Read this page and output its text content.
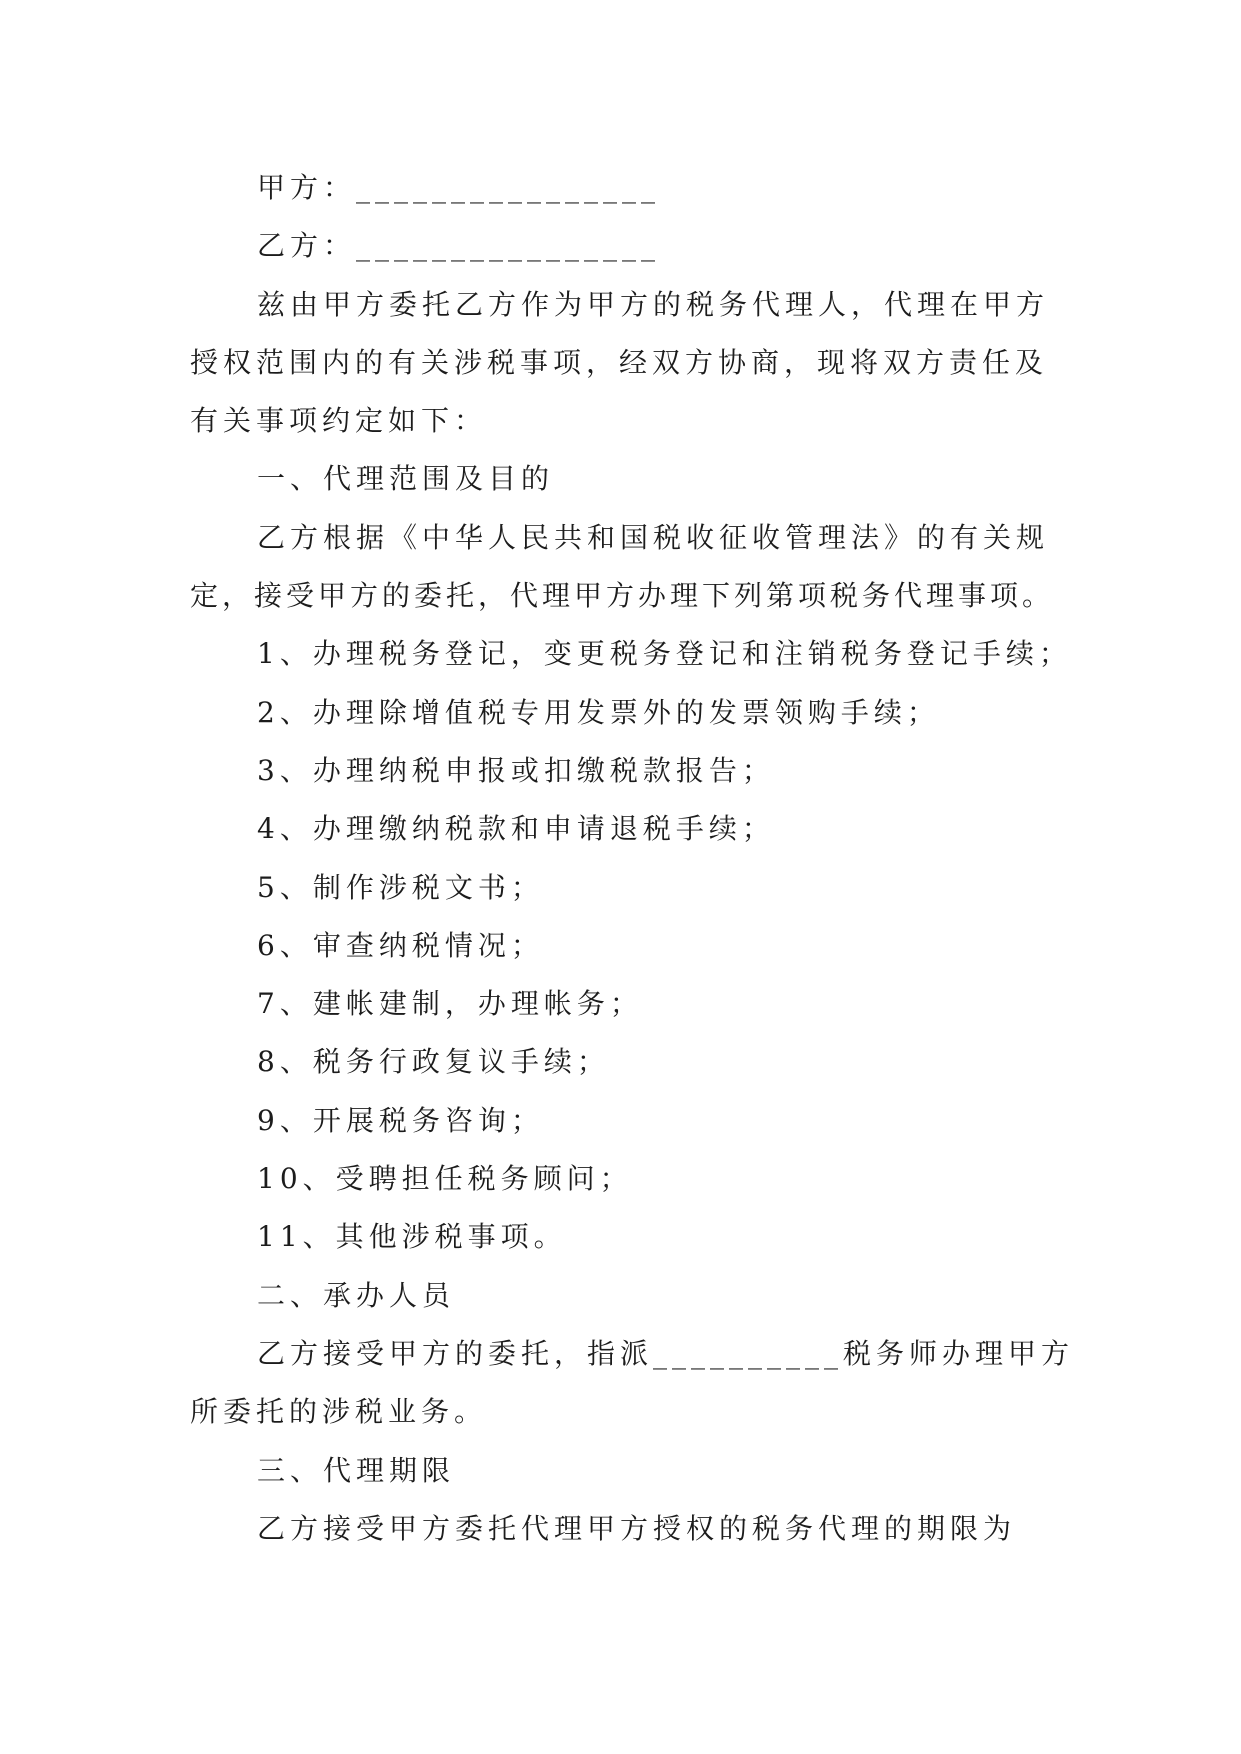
甲方：________________
乙方：________________
兹由甲方委托乙方作为甲方的税务代理人，代理在甲方
授权范围内的有关涉税事项，经双方协商，现将双方责任及
有关事项约定如下：
一、代理范围及目的
乙方根据《中华人民共和国税收征收管理法》的有关规
定，接受甲方的委托，代理甲方办理下列第项税务代理事项。
1、办理税务登记，变更税务登记和注销税务登记手续；
2、办理除增值税专用发票外的发票领购手续；
3、办理纳税申报或扣缴税款报告；
4、办理缴纳税款和申请退税手续；
5、制作涉税文书；
6、审查纳税情况；
7、建帐建制，办理帐务；
8、税务行政复议手续；
9、开展税务咨询；
10、受聘担任税务顾问；
11、其他涉税事项。
二、承办人员
乙方接受甲方的委托，指派__________税务师办理甲方
所委托的涉税业务。
三、代理期限
乙方接受甲方委托代理甲方授权的税务代理的期限为
